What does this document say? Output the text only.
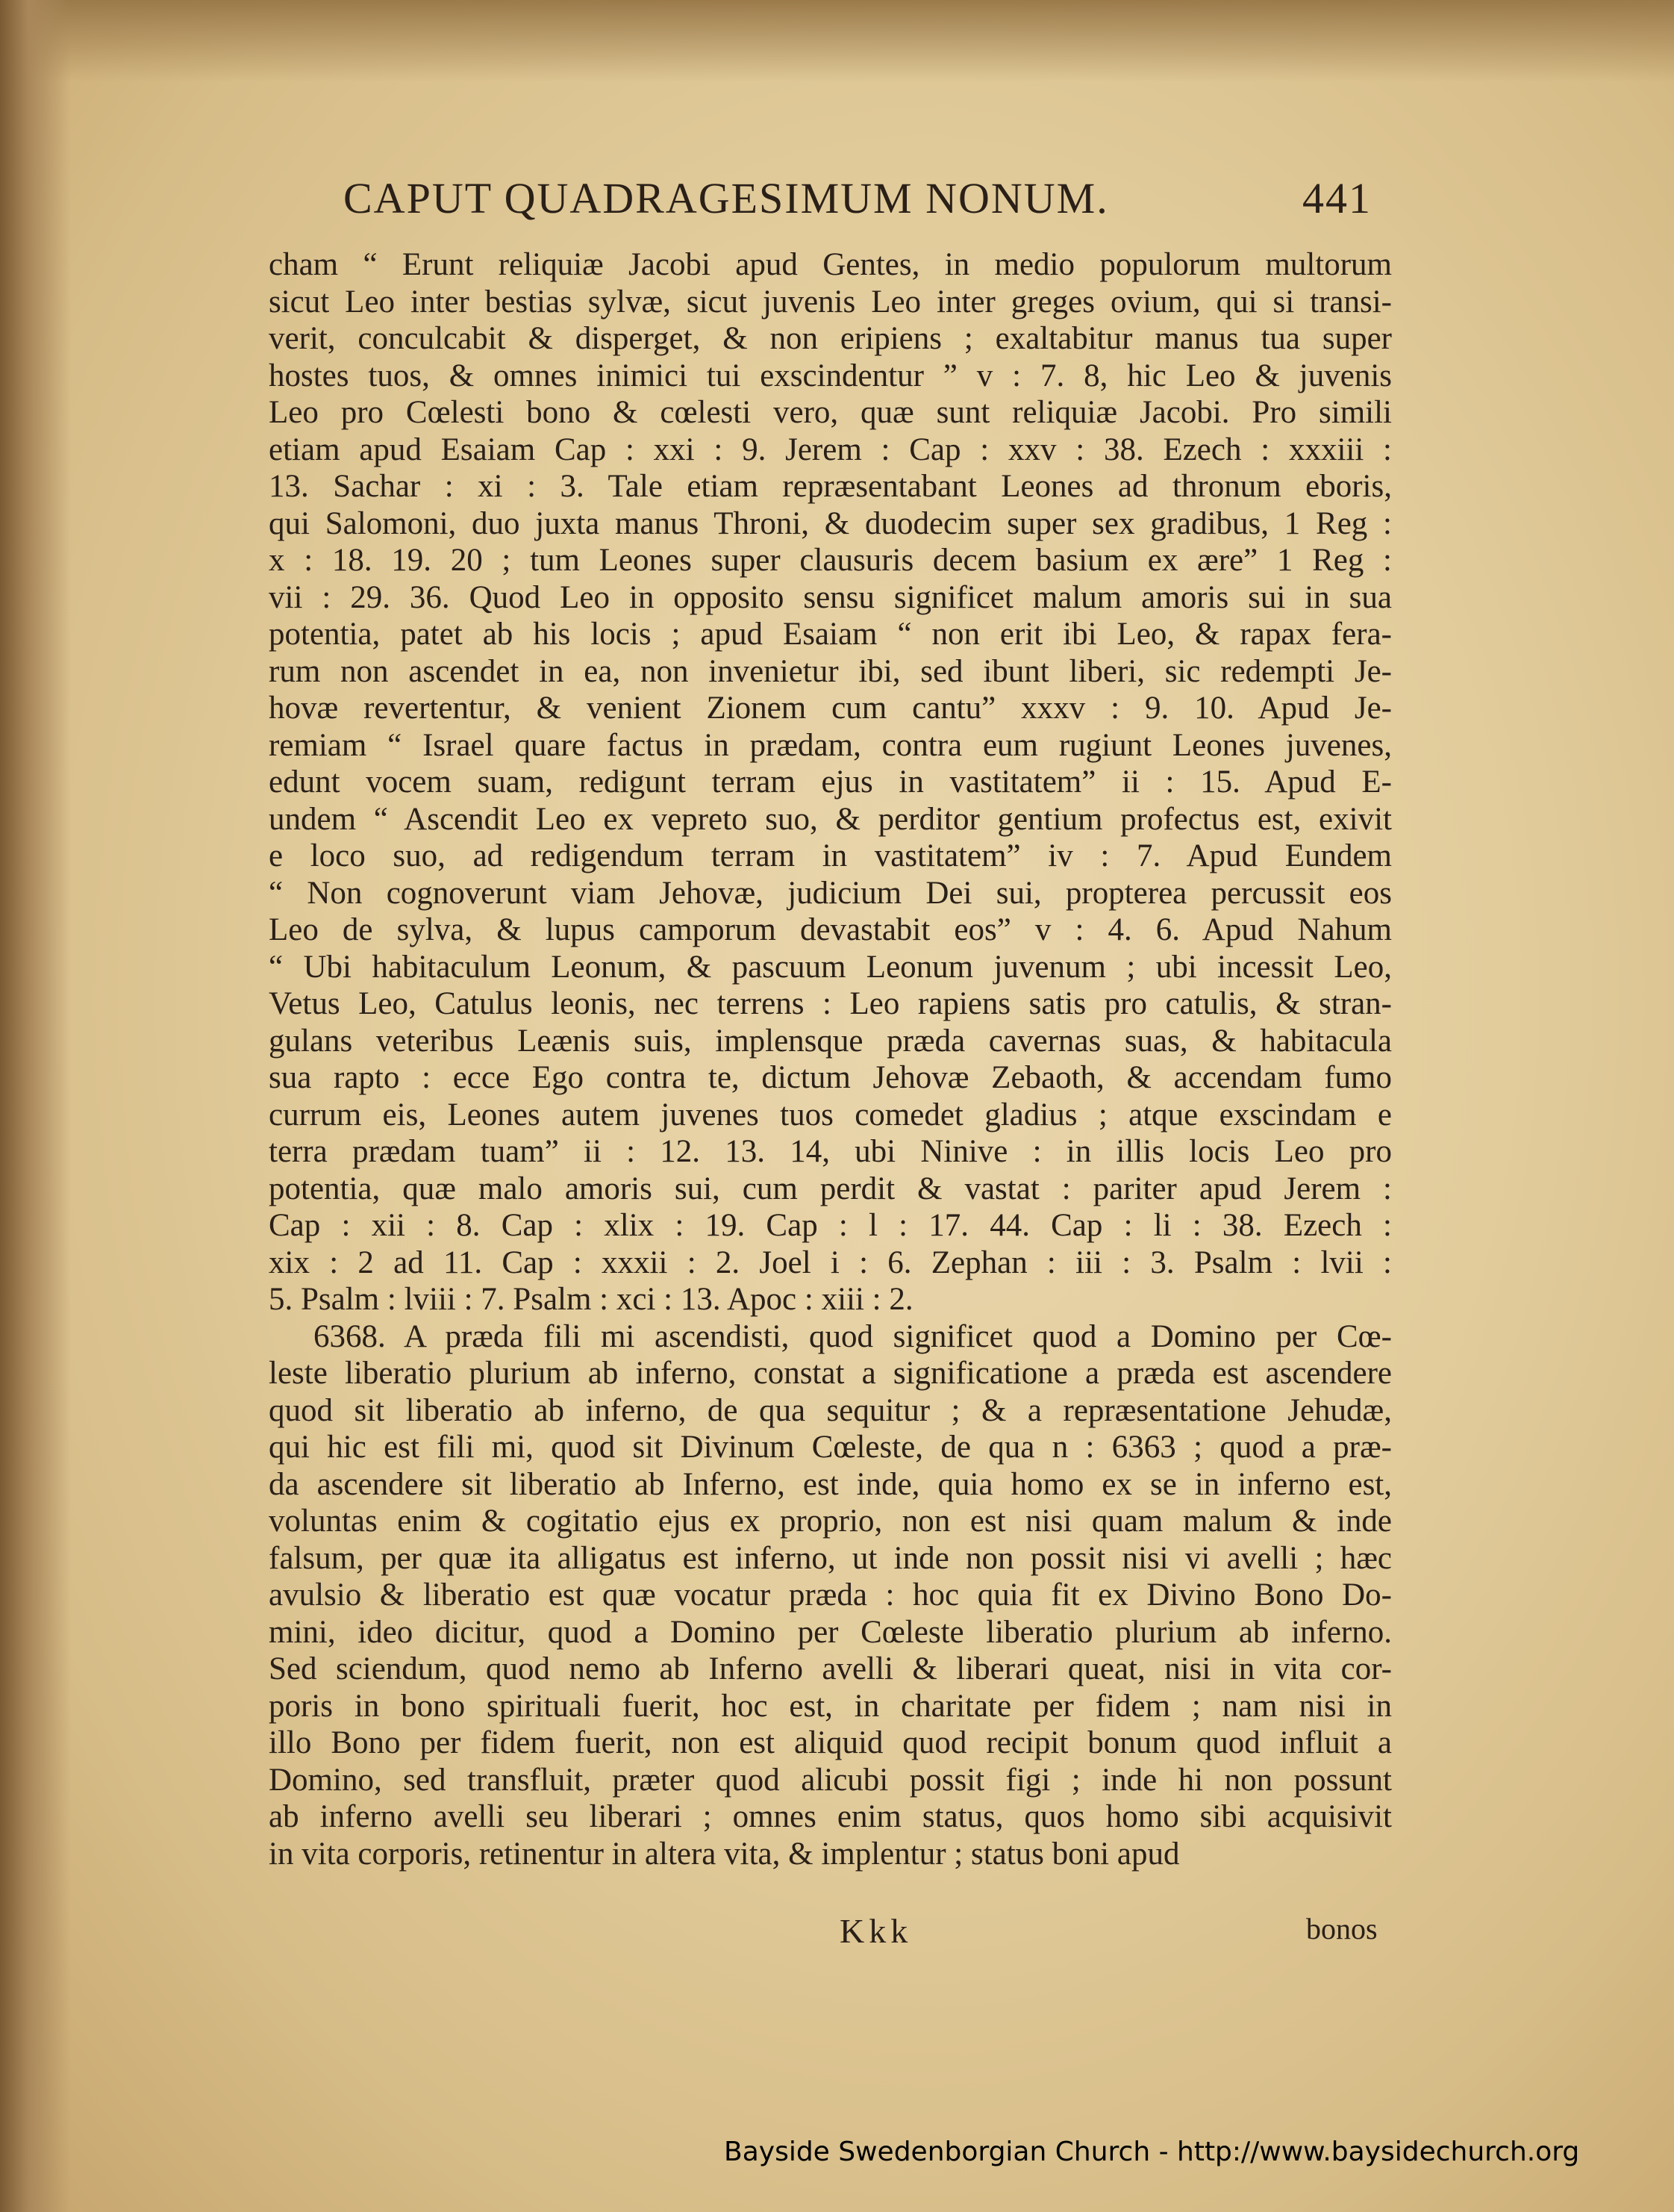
CAPUT QUADRAGESIMUM NONUM.	441
cham “ Erunt reliquiæ Jacobi apud Gentes, in medio populorum multorum
sicut Leo inter bestias sylvæ, sicut juvenis Leo inter greges ovium, qui si transi-
verit, conculcabit & disperget, & non eripiens ; exaltabitur manus tua super
hostes tuos, & omnes inimici tui exscindentur ” v : 7. 8, hic Leo & juvenis
Leo pro Cœlesti bono & cœlesti vero, quæ sunt reliquiæ Jacobi. Pro simili
etiam apud Esaiam Cap : xxi : 9. Jerem : Cap : xxv : 38. Ezech : xxxiii :
13. Sachar : xi : 3. Tale etiam repræsentabant Leones ad thronum eboris,
qui Salomoni, duo juxta manus Throni, & duodecim super sex gradibus, 1 Reg :
x : 18. 19. 20 ; tum Leones super clausuris decem basium ex ære” 1 Reg :
vii : 29. 36. Quod Leo in opposito sensu significet malum amoris sui in sua
potentia, patet ab his locis ; apud Esaiam “ non erit ibi Leo, & rapax fera-
rum non ascendet in ea, non invenietur ibi, sed ibunt liberi, sic redempti Je-
hovæ revertentur, & venient Zionem cum cantu” xxxv : 9. 10. Apud Je-
remiam “ Israel quare factus in prædam, contra eum rugiunt Leones juvenes,
edunt vocem suam, redigunt terram ejus in vastitatem” ii : 15. Apud E-
undem “ Ascendit Leo ex vepreto suo, & perditor gentium profectus est, exivit
e loco suo, ad redigendum terram in vastitatem” iv : 7. Apud Eundem
“ Non cognoverunt viam Jehovæ, judicium Dei sui, propterea percussit eos
Leo de sylva, & lupus camporum devastabit eos” v : 4. 6. Apud Nahum
“ Ubi habitaculum Leonum, & pascuum Leonum juvenum ; ubi incessit Leo,
Vetus Leo, Catulus leonis, nec terrens : Leo rapiens satis pro catulis, & stran-
gulans veteribus Leænis suis, implensque præda cavernas suas, & habitacula
sua rapto : ecce Ego contra te, dictum Jehovæ Zebaoth, & accendam fumo
currum eis, Leones autem juvenes tuos comedet gladius ; atque exscindam e
terra prædam tuam” ii : 12. 13. 14, ubi Ninive : in illis locis Leo pro
potentia, quæ malo amoris sui, cum perdit & vastat : pariter apud Jerem :
Cap : xii : 8. Cap : xlix : 19. Cap : l : 17. 44. Cap : li : 38. Ezech :
xix : 2 ad 11. Cap : xxxii : 2. Joel i : 6. Zephan : iii : 3. Psalm : lvii :
5. Psalm : lviii : 7. Psalm : xci : 13. Apoc : xiii : 2.
6368. A præda fili mi ascendisti, quod significet quod a Domino per Cœ-
leste liberatio plurium ab inferno, constat a significatione a præda est ascendere
quod sit liberatio ab inferno, de qua sequitur ; & a repræsentatione Jehudæ,
qui hic est fili mi, quod sit Divinum Cœleste, de qua n : 6363 ; quod a præ-
da ascendere sit liberatio ab Inferno, est inde, quia homo ex se in inferno est,
voluntas enim & cogitatio ejus ex proprio, non est nisi quam malum & inde
falsum, per quæ ita alligatus est inferno, ut inde non possit nisi vi avelli ; hæc
avulsio & liberatio est quæ vocatur præda : hoc quia fit ex Divino Bono Do-
mini, ideo dicitur, quod a Domino per Cœleste liberatio plurium ab inferno.
Sed sciendum, quod nemo ab Inferno avelli & liberari queat, nisi in vita cor-
poris in bono spirituali fuerit, hoc est, in charitate per fidem ; nam nisi in
illo Bono per fidem fuerit, non est aliquid quod recipit bonum quod influit a
Domino, sed transfluit, præter quod alicubi possit figi ; inde hi non possunt
ab inferno avelli seu liberari ; omnes enim status, quos homo sibi acquisivit
in vita corporis, retinentur in altera vita, & implentur ; status boni apud
Kkk	bonos
Bayside Swedenborgian Church - http://www.baysidechurch.org
